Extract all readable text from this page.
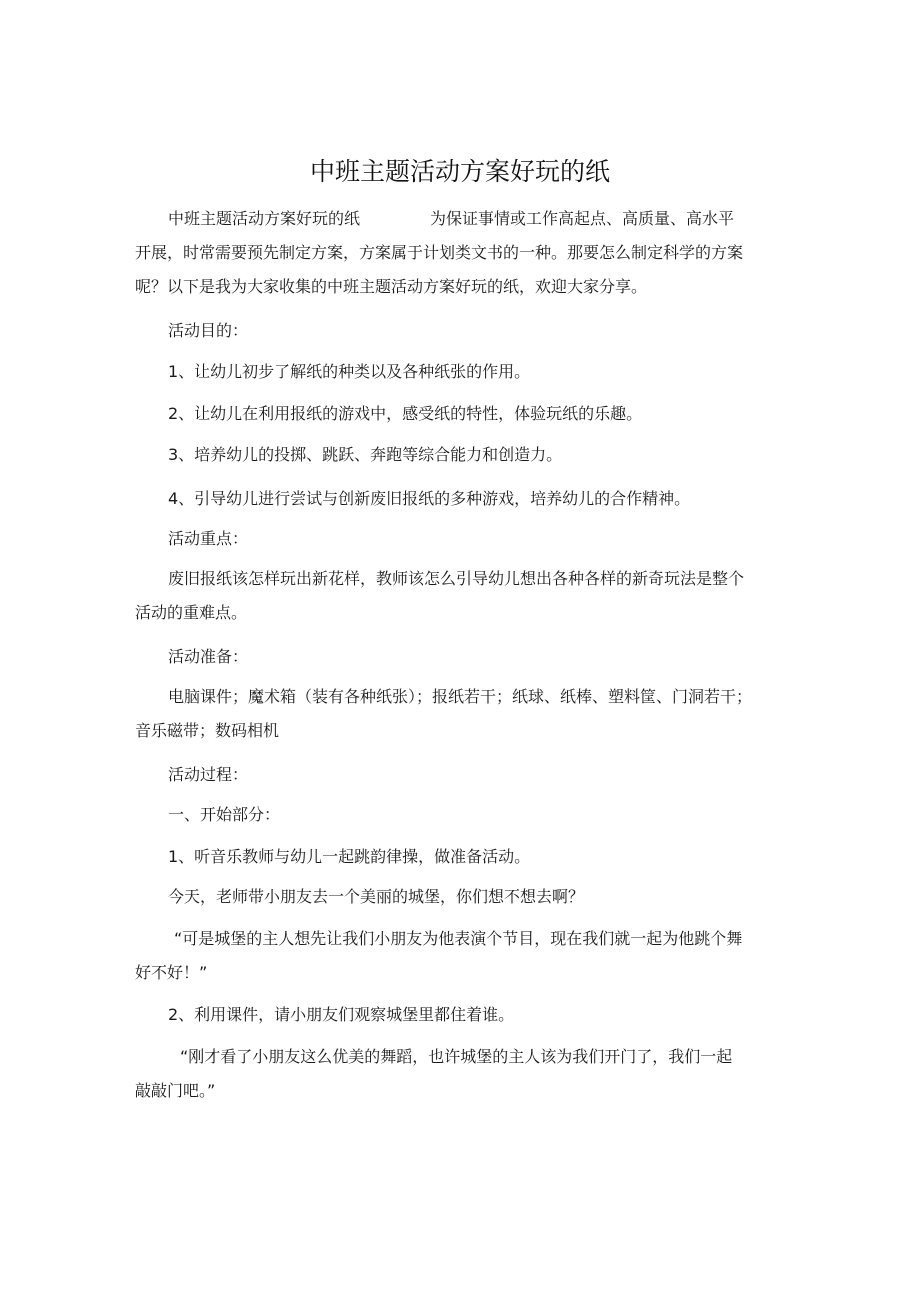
中班主题活动方案好玩的纸

中班主题活动方案好玩的纸	为保证事情或工作高起点、高质量、高水平

开展，时常需要预先制定方案，方案属于计划类文书的一种。那要怎么制定科学的方案

呢？以下是我为大家收集的中班主题活动方案好玩的纸，欢迎大家分享。

活动目的：

1、让幼儿初步了解纸的种类以及各种纸张的作用。

2、让幼儿在利用报纸的游戏中，感受纸的特性，体验玩纸的乐趣。

3、培养幼儿的投掷、跳跃、奔跑等综合能力和创造力。

4、引导幼儿进行尝试与创新废旧报纸的多种游戏，培养幼儿的合作精神。

活动重点：

废旧报纸该怎样玩出新花样，教师该怎么引导幼儿想出各种各样的新奇玩法是整个

活动的重难点。

活动准备：

电脑课件；魔术箱（装有各种纸张）；报纸若干；纸球、纸棒、塑料筐、门洞若干；

音乐磁带；数码相机

活动过程：

一、开始部分：

1、听音乐教师与幼儿一起跳韵律操，做准备活动。

今天，老师带小朋友去一个美丽的城堡，你们想不想去啊？

“可是城堡的主人想先让我们小朋友为他表演个节目，现在我们就一起为他跳个舞

好不好！”

2、利用课件，请小朋友们观察城堡里都住着谁。

“刚才看了小朋友这么优美的舞蹈，也许城堡的主人该为我们开门了，我们一起

敲敲门吧。”
